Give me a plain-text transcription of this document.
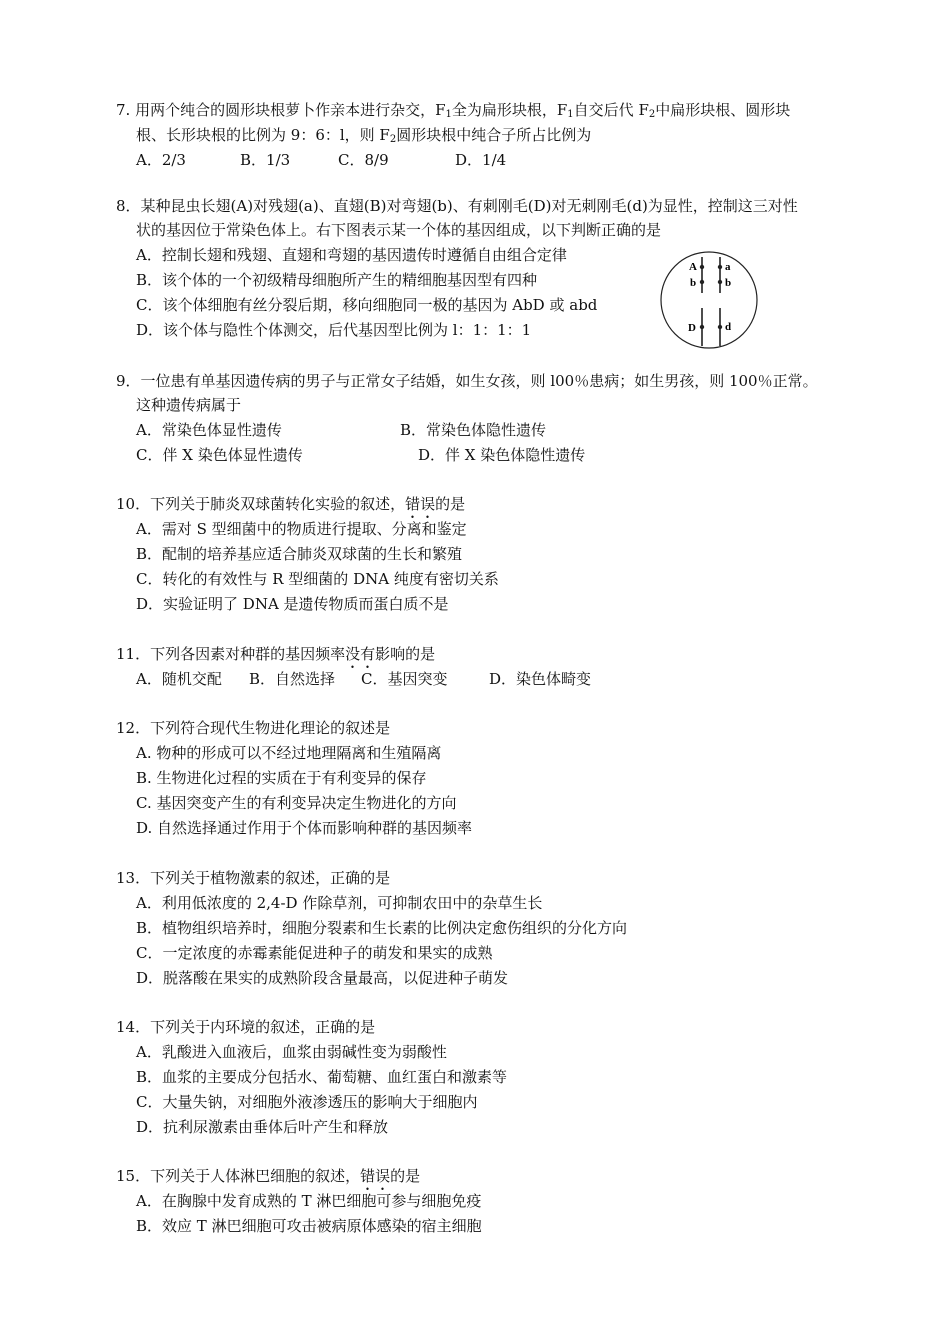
7. 用两个纯合的圆形块根萝卜作亲本进行杂交，$F_1$全为扁形块根，$F_1$自交后代 $F_2$中扁形块根、圆形块
根、长形块根的比例为 9：6：l，则 $F_2$圆形块根中纯合子所占比例为
A．2/3	B．1/3	C．8/9	D．1/4
8．某种昆虫长翅(A)对残翅(a)、直翅(B)对弯翅(b)、有刺刚毛(D)对无刺刚毛(d)为显性，控制这三对性
状的基因位于常染色体上。右下图表示某一个体的基因组成，以下判断正确的是
A．控制长翅和残翅、直翅和弯翅的基因遗传时遵循自由组合定律
B．该个体的一个初级精母细胞所产生的精细胞基因型有四种
C．该个体细胞有丝分裂后期，移向细胞同一极的基因为 AbD 或 abd
D．该个体与隐性个体测交，后代基因型比例为 l：1：1：1
A	a
b	b
D	d
9．一位患有单基因遗传病的男子与正常女子结婚，如生女孩，则 l00％患病；如生男孩，则 100％正常。
这种遗传病属于
A．常染色体显性遗传	B．常染色体隐性遗传
C．伴 X 染色体显性遗传	D．伴 X 染色体隐性遗传
10．下列关于肺炎双球菌转化实验的叙述，错误的是
A．需对 S 型细菌中的物质进行提取、分离和鉴定
B．配制的培养基应适合肺炎双球菌的生长和繁殖
C．转化的有效性与 R 型细菌的 DNA 纯度有密切关系
D．实验证明了 DNA 是遗传物质而蛋白质不是
11．下列各因素对种群的基因频率没有影响的是
A．随机交配 B．自然选择 C．基因突变	D．染色体畸变
12．下列符合现代生物进化理论的叙述是
A. 物种的形成可以不经过地理隔离和生殖隔离
B. 生物进化过程的实质在于有利变异的保存
C. 基因突变产生的有利变异决定生物进化的方向
D. 自然选择通过作用于个体而影响种群的基因频率
13．下列关于植物激素的叙述，正确的是
A．利用低浓度的 2,4-D 作除草剂，可抑制农田中的杂草生长
B．植物组织培养时，细胞分裂素和生长素的比例决定愈伤组织的分化方向
C．一定浓度的赤霉素能促进种子的萌发和果实的成熟
D．脱落酸在果实的成熟阶段含量最高，以促进种子萌发
14．下列关于内环境的叙述，正确的是
A．乳酸进入血液后，血浆由弱碱性变为弱酸性
B．血浆的主要成分包括水、葡萄糖、血红蛋白和激素等
C．大量失钠，对细胞外液渗透压的影响大于细胞内
D．抗利尿激素由垂体后叶产生和释放
15．下列关于人体淋巴细胞的叙述，错误的是
A．在胸腺中发育成熟的 T 淋巴细胞可参与细胞免疫
B．效应 T 淋巴细胞可攻击被病原体感染的宿主细胞
